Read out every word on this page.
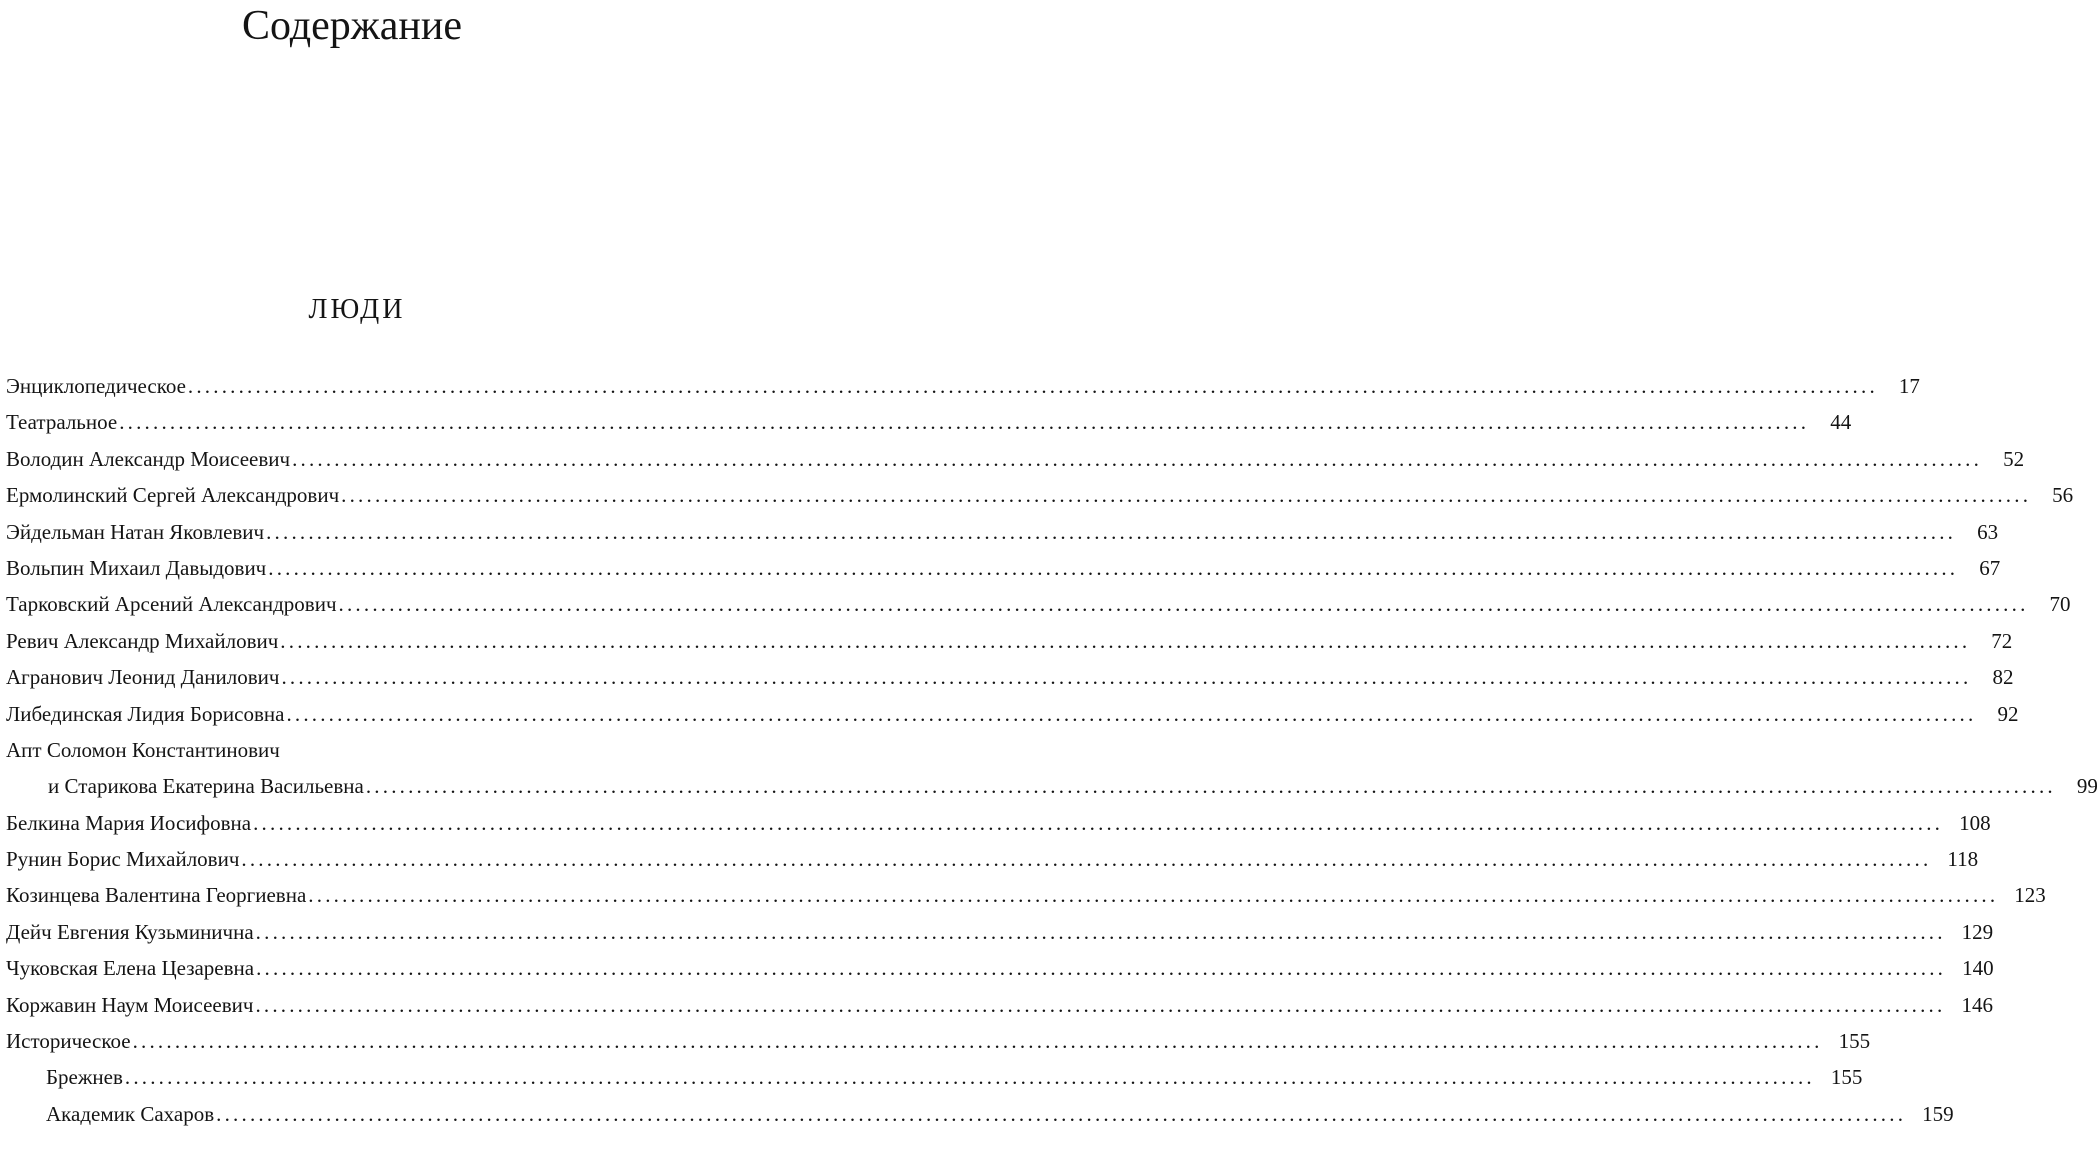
Содержание
люди
Энциклопедическое ........................................................................................................................................................................................................	17
Театральное ........................................................................................................................................................................................................	44
Володин Александр Моисеевич ........................................................................................................................................................................................................	52
Ермолинский Сергей Александрович ........................................................................................................................................................................................................	56
Эйдельман Натан Яковлевич ........................................................................................................................................................................................................	63
Вольпин Михаил Давыдович ........................................................................................................................................................................................................	67
Тарковский Арсений Александрович ........................................................................................................................................................................................................	70
Ревич Александр Михайлович ........................................................................................................................................................................................................	72
Агранович Леонид Данилович ........................................................................................................................................................................................................	82
Либединская Лидия Борисовна ........................................................................................................................................................................................................	92
Апт Соломон Константинович
и Старикова Екатерина Васильевна ........................................................................................................................................................................................................	99
Белкина Мария Иосифовна ........................................................................................................................................................................................................ 108
Рунин Борис Михайлович ........................................................................................................................................................................................................ 118
Козинцева Валентина Георгиевна ........................................................................................................................................................................................................ 123
Дейч Евгения Кузьминична ........................................................................................................................................................................................................ 129
Чуковская Елена Цезаревна ........................................................................................................................................................................................................ 140
Коржавин Наум Моисеевич ........................................................................................................................................................................................................ 146
Историческое ........................................................................................................................................................................................................ 155
Брежнев ........................................................................................................................................................................................................ 155
Академик Сахаров ........................................................................................................................................................................................................ 159
